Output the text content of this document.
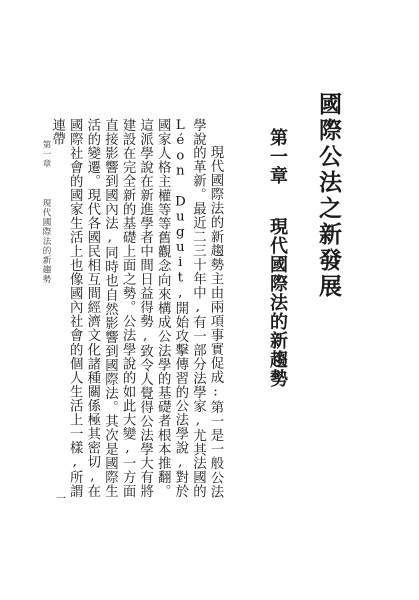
國際公法之新發展
第一章 現代國際法的新趨勢

現代國際法的新趨勢主由兩項事實促成:第一是一般公法學說的革新。最近二三十年中,有一部分法學家,尤其法國的 Léon Duguit,開始攻擊傳習的公法學說,對於國家人格主權等等舊觀念向來構成公法學的基礎者根本推翻。這派學說在新進學者中間日益得勢,致令人覺得公法學大有將建設在完全新的基礎上面之勢。公法學說的如此大變,一方面直接影響到國內法,同時也自然影響到國際法。其次是國際生活的變遷。現代各國民相互間經濟文化諸種關係極其密切,在國際社會的國家生活上也像國內社會的個人生活上一樣,所謂連帶

第一章  現代國際法的新趨勢
一
